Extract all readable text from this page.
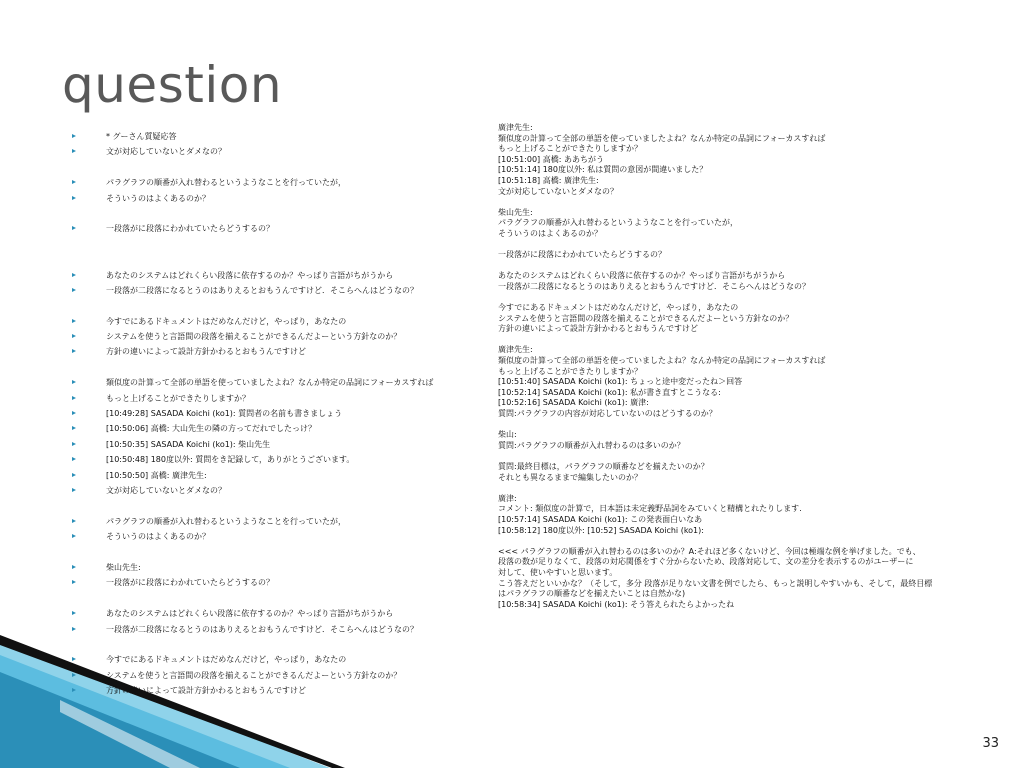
question
* グーさん質疑応答
文が対応していないとダメなの？
パラグラフの順番が入れ替わるというようなことを行っていたが，
そういうのはよくあるのか？
一段落がに段落にわかれていたらどうするの？
あなたのシステムはどれくらい段落に依存するのか？やっぱり言語がちがうから
一段落が二段落になるとうのはありえるとおもうんですけど．そこらへんはどうなの？
今すでにあるドキュメントはだめなんだけど，やっぱり，あなたの
システムを使うと言語間の段落を揃えることができるんだよーという方針なのか？
方針の違いによって設計方針かわるとおもうんですけど
類似度の計算って全部の単語を使っていましたよね？なんか特定の品詞にフォーカスすれば
もっと上げることができたりしますか？
[10:49:28] SASADA Koichi (ko1): 質問者の名前も書きましょう
[10:50:06] 高橋: 大山先生の隣の方ってだれでしたっけ？
[10:50:35] SASADA Koichi (ko1): 柴山先生
[10:50:48] 180度以外: 質問をき記録して，ありがとうございます。
[10:50:50] 高橋: 廣津先生:
文が対応していないとダメなの？
パラグラフの順番が入れ替わるというようなことを行っていたが，
そういうのはよくあるのか？
柴山先生:
一段落がに段落にわかれていたらどうするの？
あなたのシステムはどれくらい段落に依存するのか？やっぱり言語がちがうから
一段落が二段落になるとうのはありえるとおもうんですけど．そこらへんはどうなの？
今すでにあるドキュメントはだめなんだけど，やっぱり，あなたの
システムを使うと言語間の段落を揃えることができるんだよーという方針なのか？
方針の違いによって設計方針かわるとおもうんですけど
廣津先生:
類似度の計算って全部の単語を使っていましたよね？なんか特定の品詞にフォーカスすれば
もっと上げることができたりしますか？
[10:51:00] 高橋: ああちがう
[10:51:14] 180度以外: 私は質問の意図が間違いました？
[10:51:18] 高橋: 廣津先生:
文が対応していないとダメなの？
柴山先生:
パラグラフの順番が入れ替わるというようなことを行っていたが，
そういうのはよくあるのか？
一段落がに段落にわかれていたらどうするの？
あなたのシステムはどれくらい段落に依存するのか？やっぱり言語がちがうから
一段落が二段落になるとうのはありえるとおもうんですけど．そこらへんはどうなの？
今すでにあるドキュメントはだめなんだけど，やっぱり，あなたの
システムを使うと言語間の段落を揃えることができるんだよーという方針なのか？
方針の違いによって設計方針かわるとおもうんですけど
廣津先生:
類似度の計算って全部の単語を使っていましたよね？なんか特定の品詞にフォーカスすれば
もっと上げることができたりしますか？
[10:51:40] SASADA Koichi (ko1): ちょっと途中変だったね＞回答
[10:52:14] SASADA Koichi (ko1): 私が書き直すとこうなる:
[10:52:16] SASADA Koichi (ko1): 廣津:
質問:パラグラフの内容が対応していないのはどうするのか？
柴山:
質問:パラグラフの順番が入れ替わるのは多いのか？
質問:最終目標は，パラグラフの順番などを揃えたいのか？
それとも異なるままで編集したいのか？
廣津:
コメント: 類似度の計算で，日本語は未定義野品詞をみていくと精構とれたりします.
[10:57:14] SASADA Koichi (ko1): この発表面白いなあ
[10:58:12] 180度以外: [10:52] SASADA Koichi (ko1):
<<< パラグラフの順番が入れ替わるのは多いのか？A:それほど多くないけど、今回は極端な例を挙げました。でも、
段落の数が足りなくて、段落の対応関係をすぐ分からないため、段落対応して、文の差分を表示するのがユーザーに
対して、使いやすいと思います。
こう答えだといいかな？（そして，多分 段落が足りない文書を例でしたら、もっと説明しやすいかも、そして，最終目標
はパラグラフの順番などを揃えたいことは自然かな)
[10:58:34] SASADA Koichi (ko1): そう答えられたらよかったね
33
